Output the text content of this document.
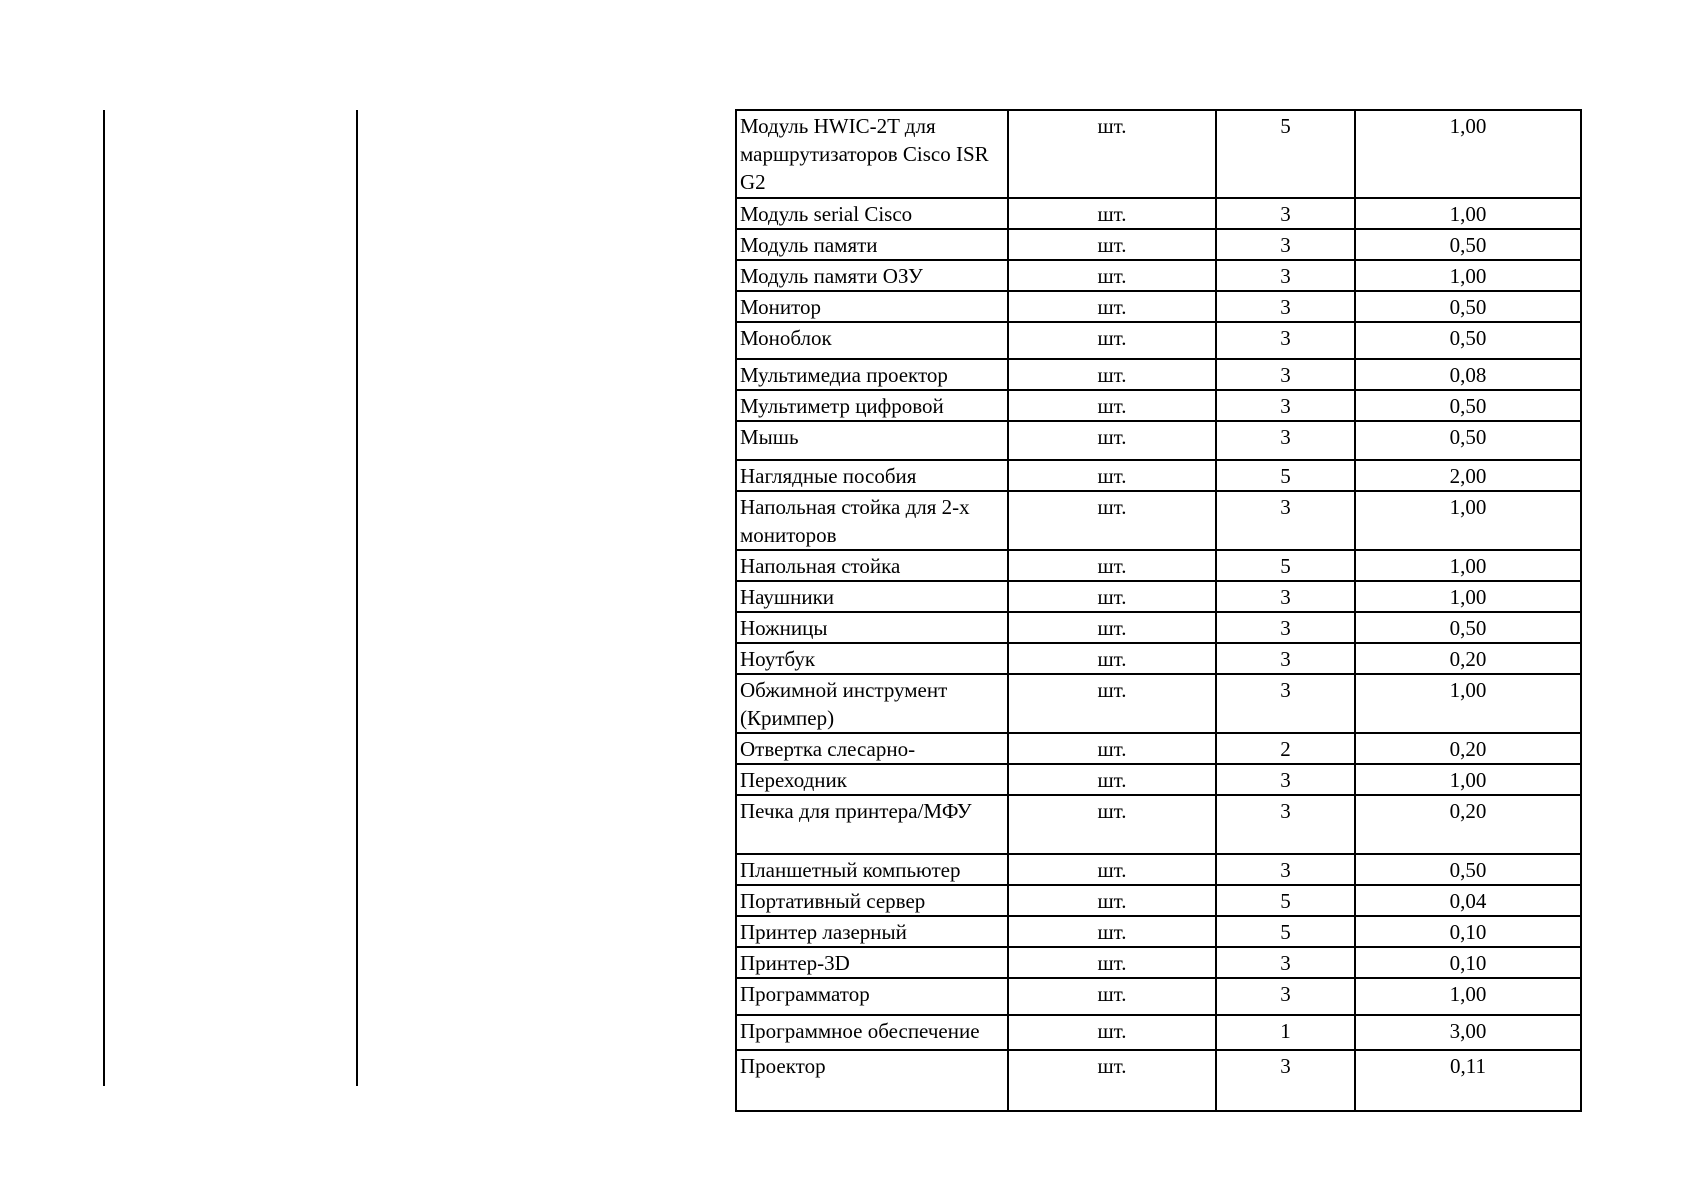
Модуль HWIC-2T для маршрутизаторов Cisco ISR G2	шт.	5	1,00
Модуль serial Cisco	шт.	3	1,00
Модуль памяти	шт.	3	0,50
Модуль памяти ОЗУ	шт.	3	1,00
Монитор	шт.	3	0,50
Моноблок	шт.	3	0,50
Мультимедиа проектор	шт.	3	0,08
Мультиметр цифровой	шт.	3	0,50
Мышь	шт.	3	0,50
Наглядные пособия	шт.	5	2,00
Напольная стойка для 2-х мониторов	шт.	3	1,00
Напольная стойка	шт.	5	1,00
Наушники	шт.	3	1,00
Ножницы	шт.	3	0,50
Ноутбук	шт.	3	0,20
Обжимной инструмент (Кримпер)	шт.	3	1,00
Отвертка слесарно-	шт.	2	0,20
Переходник	шт.	3	1,00
Печка для принтера/МФУ	шт.	3	0,20
Планшетный компьютер	шт.	3	0,50
Портативный сервер	шт.	5	0,04
Принтер лазерный	шт.	5	0,10
Принтер-3D	шт.	3	0,10
Программатор	шт.	3	1,00
Программное обеспечение	шт.	1	3,00
Проектор	шт.	3	0,11
